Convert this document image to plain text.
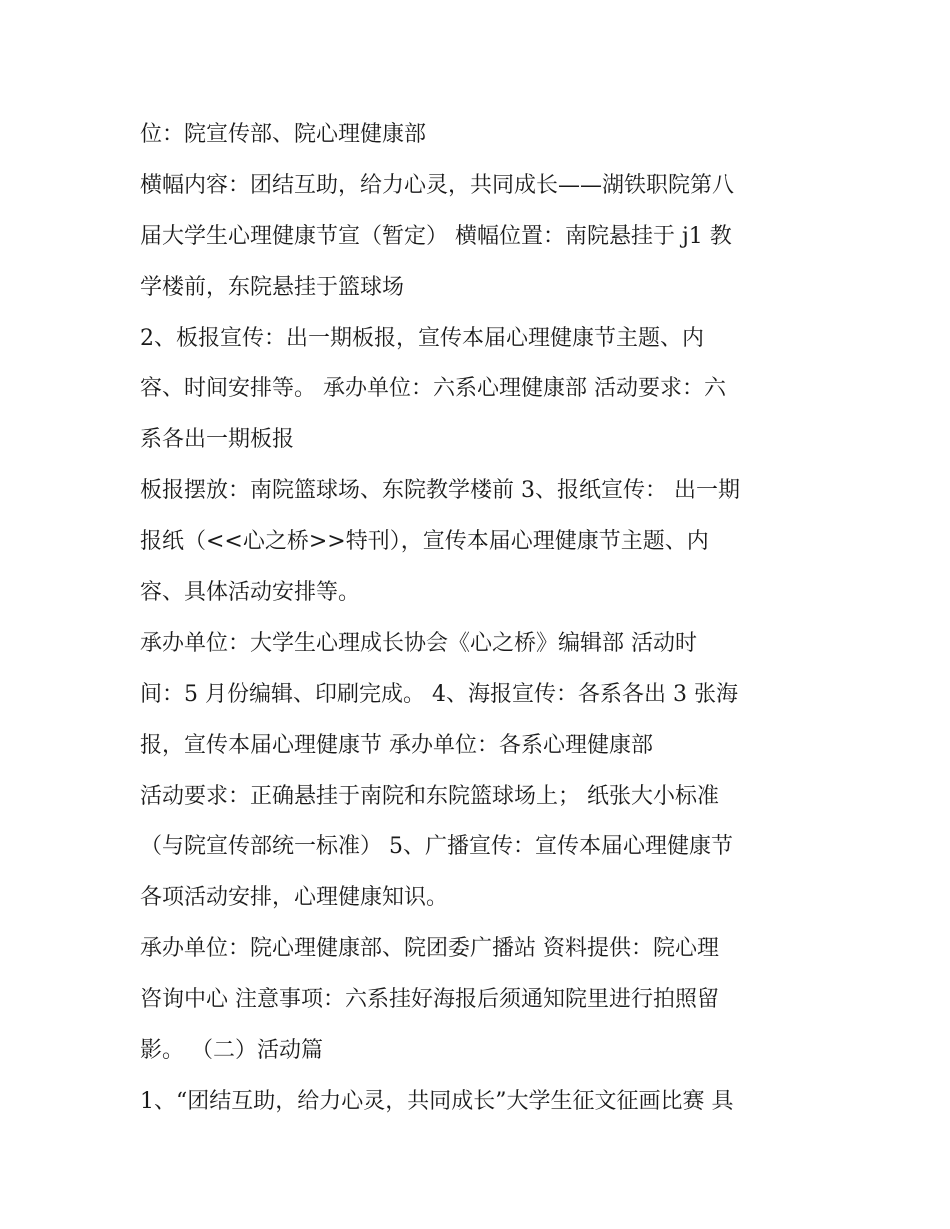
位：院宣传部、院心理健康部
横幅内容：团结互助，给力心灵，共同成长——湖铁职院第八
届大学生心理健康节宣（暂定） 横幅位置：南院悬挂于 j1 教
学楼前，东院悬挂于篮球场
2、板报宣传：出一期板报，宣传本届心理健康节主题、内
容、时间安排等。 承办单位：六系心理健康部 活动要求：六
系各出一期板报
板报摆放：南院篮球场、东院教学楼前 3、报纸宣传： 出一期
报纸（<<心之桥>>特刊），宣传本届心理健康节主题、内
容、具体活动安排等。
承办单位：大学生心理成长协会《心之桥》编辑部 活动时
间：5 月份编辑、印刷完成。 4、海报宣传：各系各出 3 张海
报，宣传本届心理健康节 承办单位：各系心理健康部
活动要求：正确悬挂于南院和东院篮球场上； 纸张大小标准
（与院宣传部统一标准） 5、广播宣传：宣传本届心理健康节
各项活动安排，心理健康知识。
承办单位：院心理健康部、院团委广播站 资料提供：院心理
咨询中心 注意事项：六系挂好海报后须通知院里进行拍照留
影。 （二）活动篇
1、“团结互助，给力心灵，共同成长”大学生征文征画比赛 具
